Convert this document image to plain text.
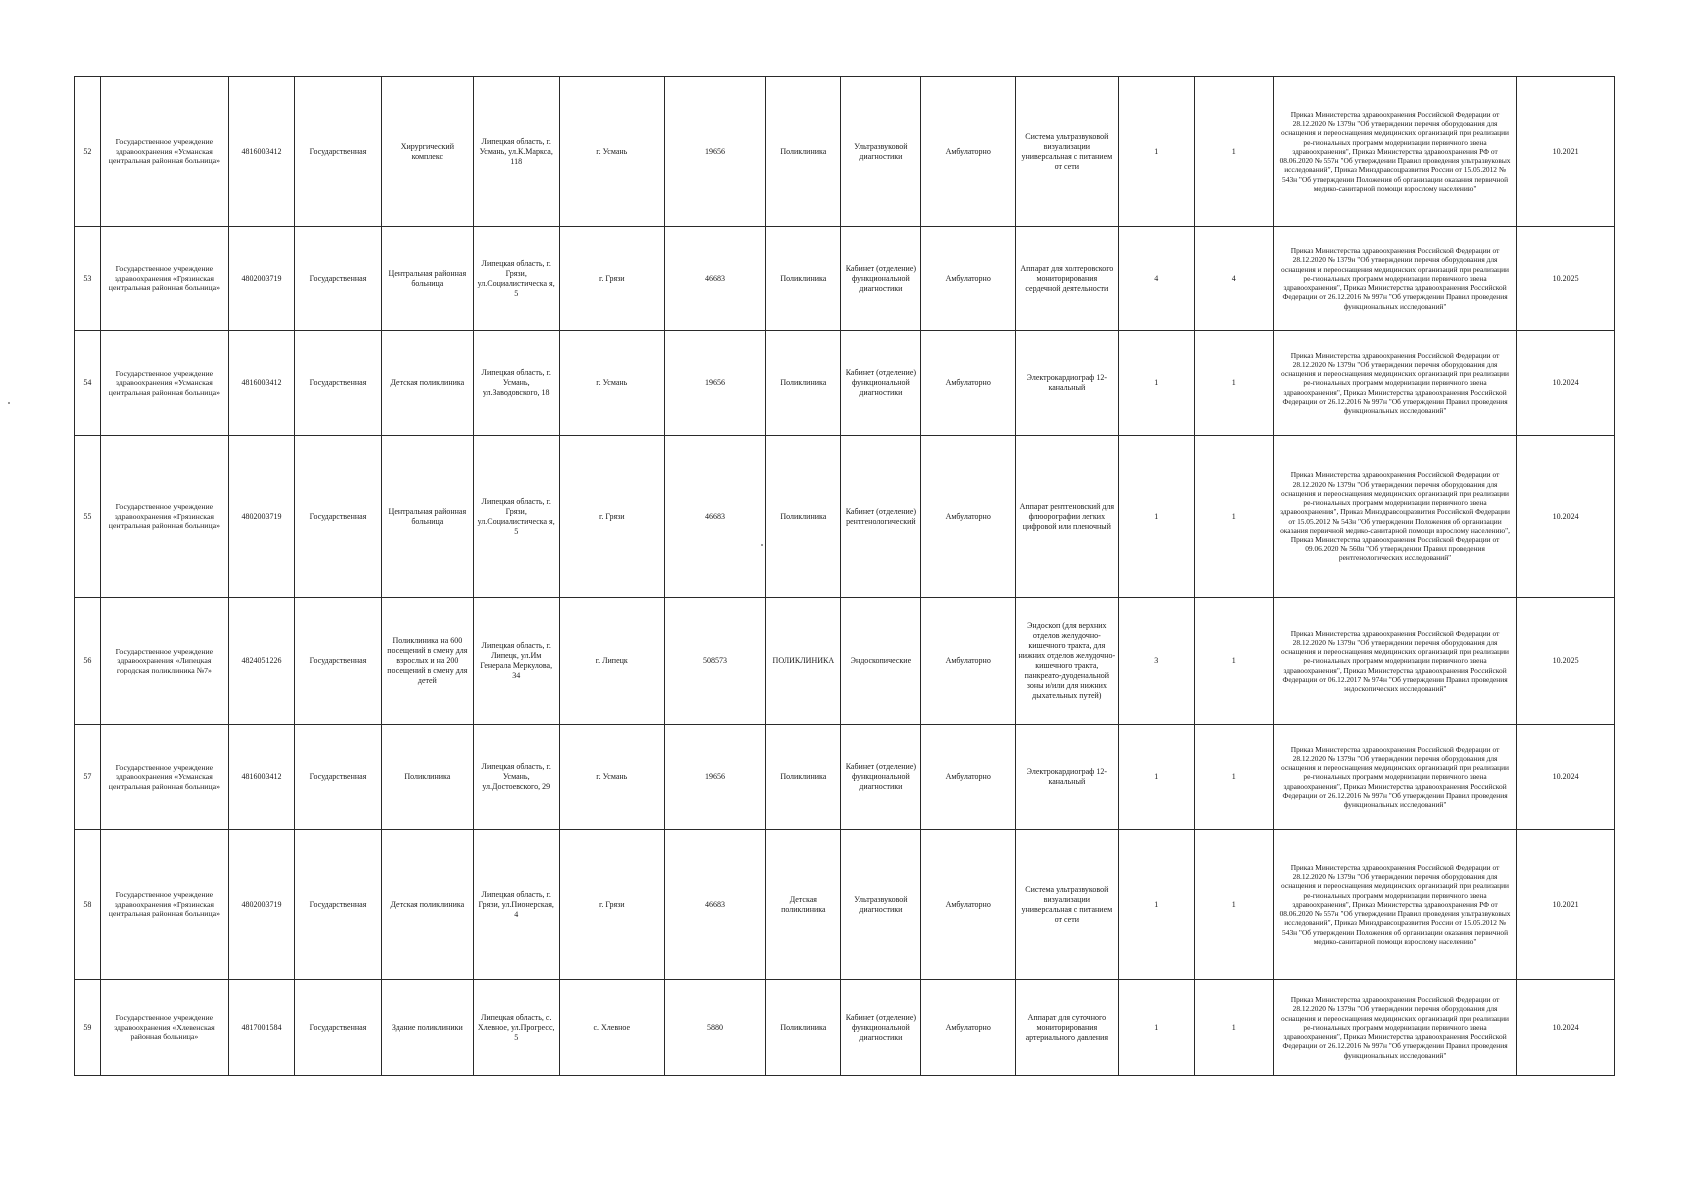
52	Государственное учреждение здравоохранения «Усманская центральная районная больница»	4816003412	Государственная	Хирургический комплекс	Липецкая область, г. Усмань, ул.К.Маркса, 118	г. Усмань	19656	Поликлиника	Ультразвуковой диагностики	Амбулаторно	Система ультразвуковой визуализации универсальная с питанием от сети	1	1	Приказ Министерства здравоохранения Российской Федерации от 28.12.2020 № 1379н "Об утверждении перечня оборудования для оснащения и переоснащения медицинских организаций при реализации ре-гиональных программ модернизации первичного звена здравоохранения", Приказ Министерства здравоохранения РФ от 08.06.2020 № 557н "Об утверждении Правил проведения ультразвуковых исследований", Приказ Минздравсоцразвития России от 15.05.2012 № 543н "Об утверждении Положения об организации оказания первичной медико-санитарной помощи взрослому населению"	10.2021
53	Государственное учреждение здравоохранения «Грязинская центральная районная больница»	4802003719	Государственная	Центральная районная больница	Липецкая область, г. Грязи, ул.Социалистическа я, 5	г. Грязи	46683	Поликлиника	Кабинет (отделение) функциональной диагностики	Амбулаторно	Аппарат для холтеровского мониторирования сердечной деятельности	4	4	Приказ Министерства здравоохранения Российской Федерации от 28.12.2020 № 1379н "Об утверждении перечня оборудования для оснащения и переоснащения медицинских организаций при реализации ре-гиональных программ модернизации первичного звена здравоохранения", Приказ Министерства здравоохранения Российской Федерации от 26.12.2016 № 997н "Об утверждении Правил проведения функциональных исследований"	10.2025
54	Государственное учреждение здравоохранения «Усманская центральная районная больница»	4816003412	Государственная	Детская поликлиника	Липецкая область, г. Усмань, ул.Заводовского, 18	г. Усмань	19656	Поликлиника	Кабинет (отделение) функциональной диагностики	Амбулаторно	Электрокардиограф 12-канальный	1	1	Приказ Министерства здравоохранения Российской Федерации от 28.12.2020 № 1379н "Об утверждении перечня оборудования для оснащения и переоснащения медицинских организаций при реализации ре-гиональных программ модернизации первичного звена здравоохранения", Приказ Министерства здравоохранения Российской Федерации от 26.12.2016 № 997н "Об утверждении Правил проведения функциональных исследований"	10.2024
55	Государственное учреждение здравоохранения «Грязинская центральная районная больница»	4802003719	Государственная	Центральная районная больница	Липецкая область, г. Грязи, ул.Социалистическа я, 5	г. Грязи	46683	Поликлиника	Кабинет (отделение) рентгенологический	Амбулаторно	Аппарат рентгеновский для флюорографии легких цифровой или пленочный	1	1	Приказ Министерства здравоохранения Российской Федерации от 28.12.2020 № 1379н "Об утверждении перечня оборудования для оснащения и переоснащения медицинских организаций при реализации ре-гиональных программ модернизации первичного звена здравоохранения", Приказ Минздравсоцразвития Российской Федерации от 15.05.2012 № 543н "Об утверждении Положения об организации оказания первичной медико-санитарной помощи взрослому населению", Приказ Министерства здравоохранения Российской Федерации от 09.06.2020 № 560н "Об утверждении Правил проведения рентгенологических исследований"	10.2024
56	Государственное учреждение здравоохранения «Липецкая городская поликлиника №7»	4824051226	Государственная	Поликлиника на 600 посещений в смену для взрослых и на 200 посещений в смену для детей	Липецкая область, г. Липецк, ул.Им Генерала Меркулова, 34	г. Липецк	508573	ПОЛИКЛИНИКА	Эндоскопические	Амбулаторно	Эндоскоп (для верхних отделов желудочно-кишечного тракта, для нижних отделов желудочно-кишечного тракта, панкреато-дуоденальной зоны и/или для нижних дыхательных путей)	3	1	Приказ Министерства здравоохранения Российской Федерации от 28.12.2020 № 1379н "Об утверждении перечня оборудования для оснащения и переоснащения медицинских организаций при реализации ре-гиональных программ модернизации первичного звена здравоохранения", Приказ Министерства здравоохранения Российской Федерации от 06.12.2017 № 974н "Об утверждении Правил проведения эндоскопических исследований"	10.2025
57	Государственное учреждение здравоохранения «Усманская центральная районная больница»	4816003412	Государственная	Поликлиника	Липецкая область, г. Усмань, ул.Достоевского, 29	г. Усмань	19656	Поликлиника	Кабинет (отделение) функциональной диагностики	Амбулаторно	Электрокардиограф 12-канальный	1	1	Приказ Министерства здравоохранения Российской Федерации от 28.12.2020 № 1379н "Об утверждении перечня оборудования для оснащения и переоснащения медицинских организаций при реализации ре-гиональных программ модернизации первичного звена здравоохранения", Приказ Министерства здравоохранения Российской Федерации от 26.12.2016 № 997н "Об утверждении Правил проведения функциональных исследований"	10.2024
58	Государственное учреждение здравоохранения «Грязинская центральная районная больница»	4802003719	Государственная	Детская поликлиника	Липецкая область, г. Грязи, ул.Пионерская, 4	г. Грязи	46683	Детская поликлиника	Ультразвуковой диагностики	Амбулаторно	Система ультразвуковой визуализации универсальная с питанием от сети	1	1	Приказ Министерства здравоохранения Российской Федерации от 28.12.2020 № 1379н "Об утверждении перечня оборудования для оснащения и переоснащения медицинских организаций при реализации ре-гиональных программ модернизации первичного звена здравоохранения", Приказ Министерства здравоохранения РФ от 08.06.2020 № 557н "Об утверждении Правил проведения ультразвуковых исследований", Приказ Минздравсоцразвития России от 15.05.2012 № 543н "Об утверждении Положения об организации оказания первичной медико-санитарной помощи взрослому населению"	10.2021
59	Государственное учреждение здравоохранения «Хлевенская районная больница»	4817001584	Государственная	Здание поликлиники	Липецкая область, с. Хлевное, ул.Прогресс, 5	с. Хлевное	5880	Поликлиника	Кабинет (отделение) функциональной диагностики	Амбулаторно	Аппарат для суточного мониторирования артериального давления	1	1	Приказ Министерства здравоохранения Российской Федерации от 28.12.2020 № 1379н "Об утверждении перечня оборудования для оснащения и переоснащения медицинских организаций при реализации ре-гиональных программ модернизации первичного звена здравоохранения", Приказ Министерства здравоохранения Российской Федерации от 26.12.2016 № 997н "Об утверждении Правил проведения функциональных исследований"	10.2024
